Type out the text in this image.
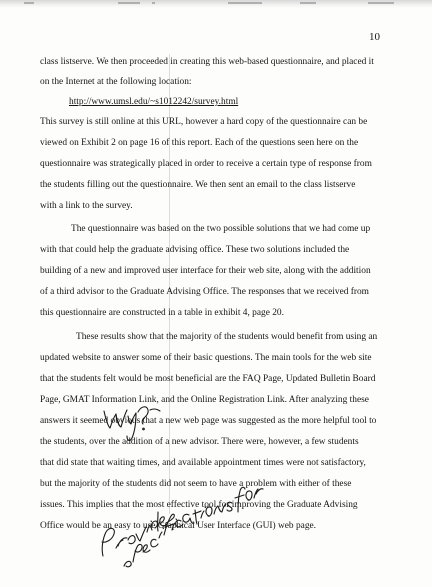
10
class listserve. We then proceeded in creating this web-based questionnaire, and placed it
on the Internet at the following location:
http://www.umsl.edu/~s1012242/survey.html
This survey is still online at this URL, however a hard copy of the questionnaire can be
viewed on Exhibit 2 on page 16 of this report. Each of the questions seen here on the
questionnaire was strategically placed in order to receive a certain type of response from
the students filling out the questionnaire. We then sent an email to the class listserve
with a link to the survey.
The questionnaire was based on the two possible solutions that we had come up
with that could help the graduate advising office. These two solutions included the
building of a new and improved user interface for their web site, along with the addition
of a third advisor to the Graduate Advising Office. The responses that we received from
this questionnaire are constructed in a table in exhibit 4, page 20.
These results show that the majority of the students would benefit from using an
updated website to answer some of their basic questions. The main tools for the web site
that the students felt would be most beneficial are the FAQ Page, Updated Bulletin Board
Page, GMAT Information Link, and the Online Registration Link. After analyzing these
answers it seemed obvious that a new web page was suggested as the more helpful tool to
the students, over the addition of a new advisor. There were, however, a few students
that did state that waiting times, and available appointment times were not satisfactory,
but the majority of the students did not seem to have a problem with either of these
issues. This implies that the most effective tool for improving the Graduate Advising
Office would be an easy to use Graphical User Interface (GUI) web page.
